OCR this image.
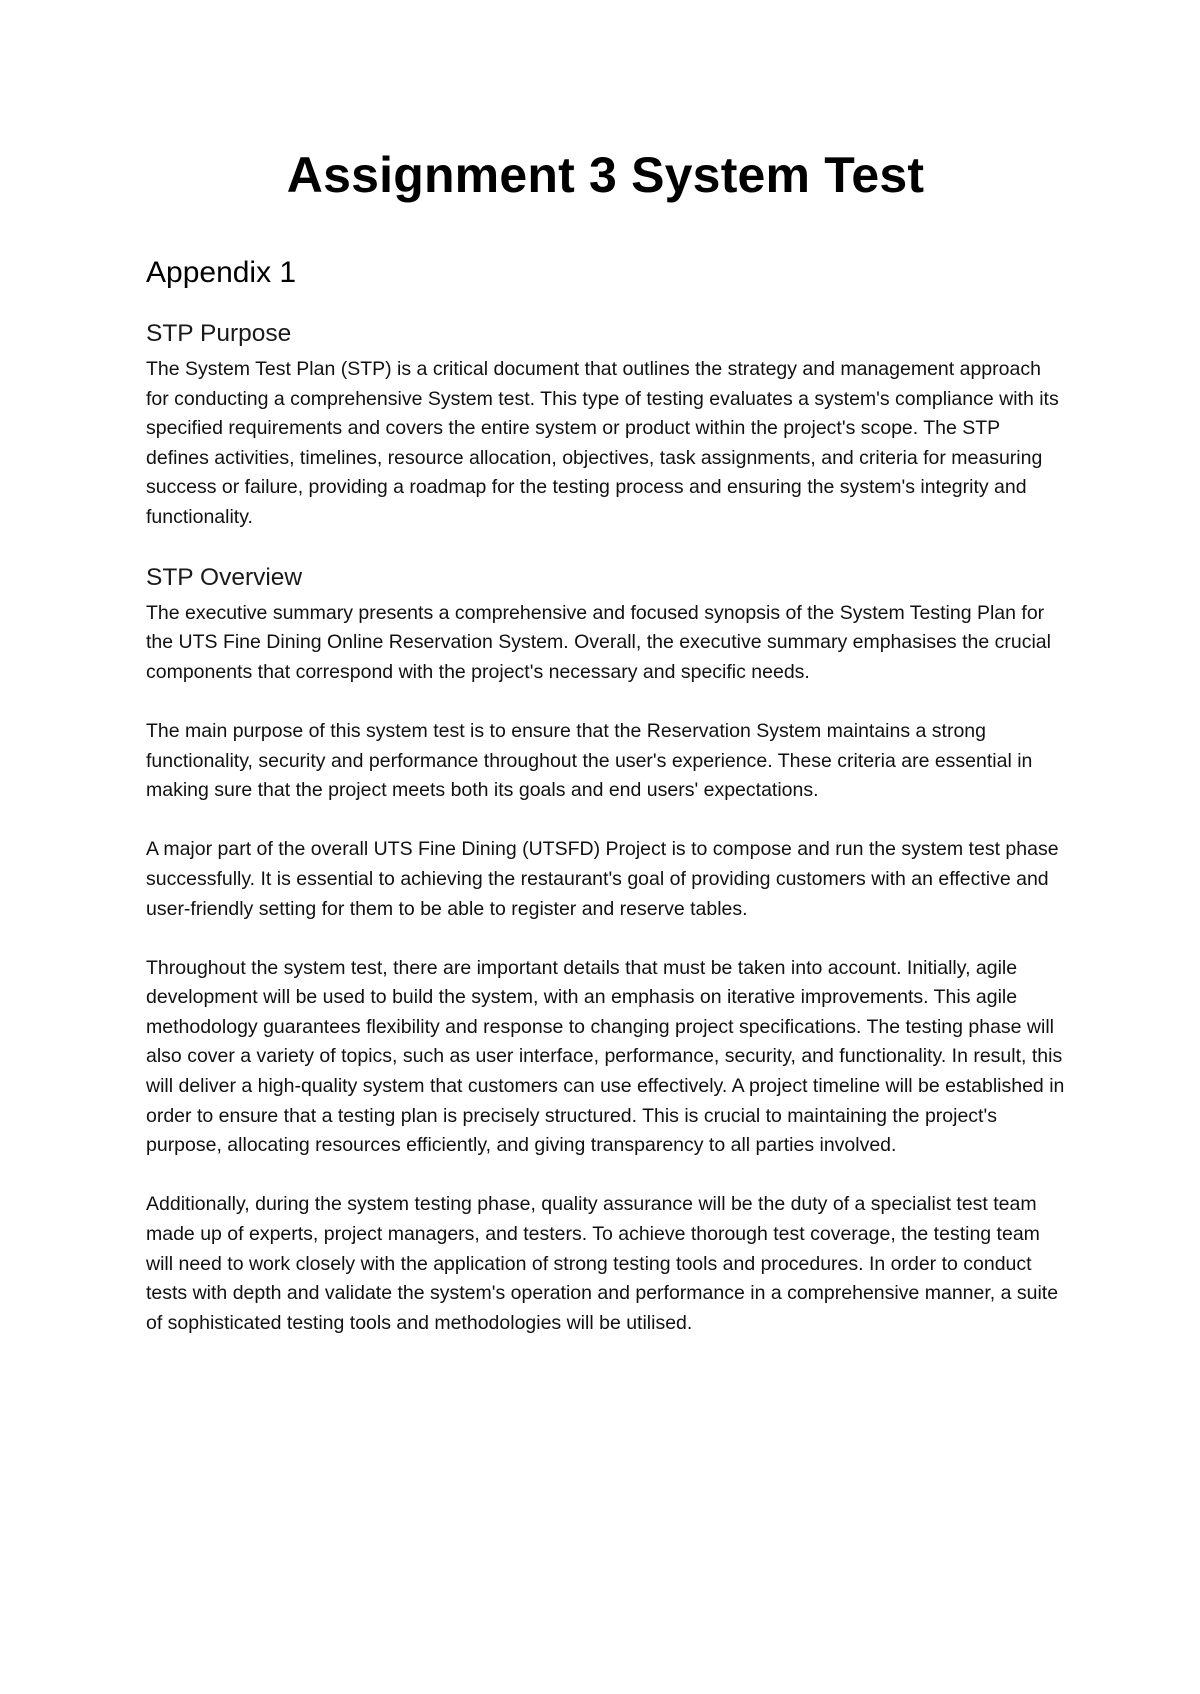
Assignment 3 System Test
Appendix 1
STP Purpose

The System Test Plan (STP) is a critical document that outlines the strategy and management approach for conducting a comprehensive System test. This type of testing evaluates a system's compliance with its specified requirements and covers the entire system or product within the project's scope. The STP defines activities, timelines, resource allocation, objectives, task assignments, and criteria for measuring success or failure, providing a roadmap for the testing process and ensuring the system's integrity and functionality.

STP Overview

The executive summary presents a comprehensive and focused synopsis of the System Testing Plan for the UTS Fine Dining Online Reservation System. Overall, the executive summary emphasises the crucial components that correspond with the project's necessary and specific needs.

The main purpose of this system test is to ensure that the Reservation System maintains a strong functionality, security and performance throughout the user's experience. These criteria are essential in making sure that the project meets both its goals and end users' expectations.

A major part of the overall UTS Fine Dining (UTSFD) Project is to compose and run the system test phase successfully. It is essential to achieving the restaurant's goal of providing customers with an effective and user-friendly setting for them to be able to register and reserve tables.

Throughout the system test, there are important details that must be taken into account. Initially, agile development will be used to build the system, with an emphasis on iterative improvements. This agile methodology guarantees flexibility and response to changing project specifications. The testing phase will also cover a variety of topics, such as user interface, performance, security, and functionality. In result, this will deliver a high-quality system that customers can use effectively. A project timeline will be established in order to ensure that a testing plan is precisely structured. This is crucial to maintaining the project's purpose, allocating resources efficiently, and giving transparency to all parties involved.

Additionally, during the system testing phase, quality assurance will be the duty of a specialist test team made up of experts, project managers, and testers. To achieve thorough test coverage, the testing team will need to work closely with the application of strong testing tools and procedures. In order to conduct tests with depth and validate the system's operation and performance in a comprehensive manner, a suite of sophisticated testing tools and methodologies will be utilised.
